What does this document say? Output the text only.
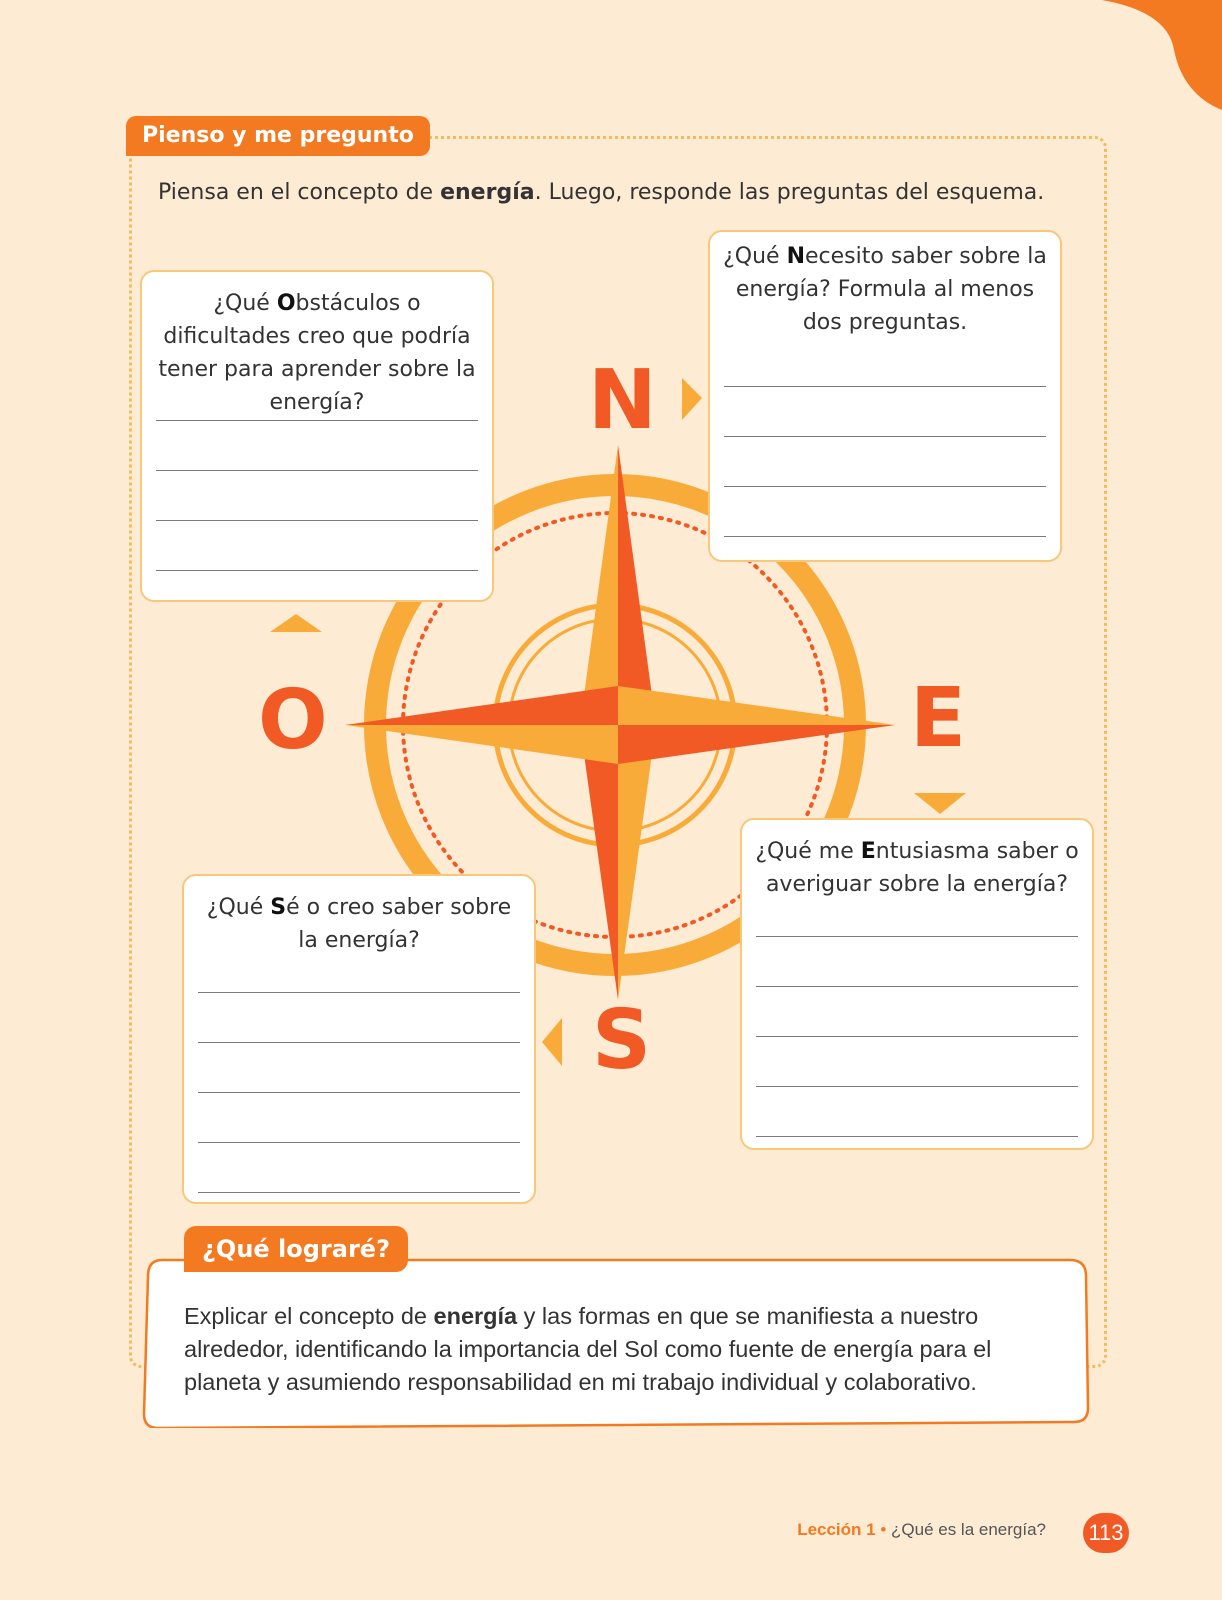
Pienso y me pregunto
Piensa en el concepto de energía. Luego, responde las preguntas del esquema.
N
O	E
S
¿Qué Obstáculos o dificultades creo que podría tener para aprender sobre la energía?
¿Qué Necesito saber sobre la energía? Formula al menos dos preguntas.
¿Qué Sé o creo saber sobre la energía?
¿Qué me Entusiasma saber o averiguar sobre la energía?
¿Qué lograré?
Explicar el concepto de energía y las formas en que se manifiesta a nuestro alrededor, identificando la importancia del Sol como fuente de energía para el planeta y asumiendo responsabilidad en mi trabajo individual y colaborativo.
Lección 1 • ¿Qué es la energía? 113
